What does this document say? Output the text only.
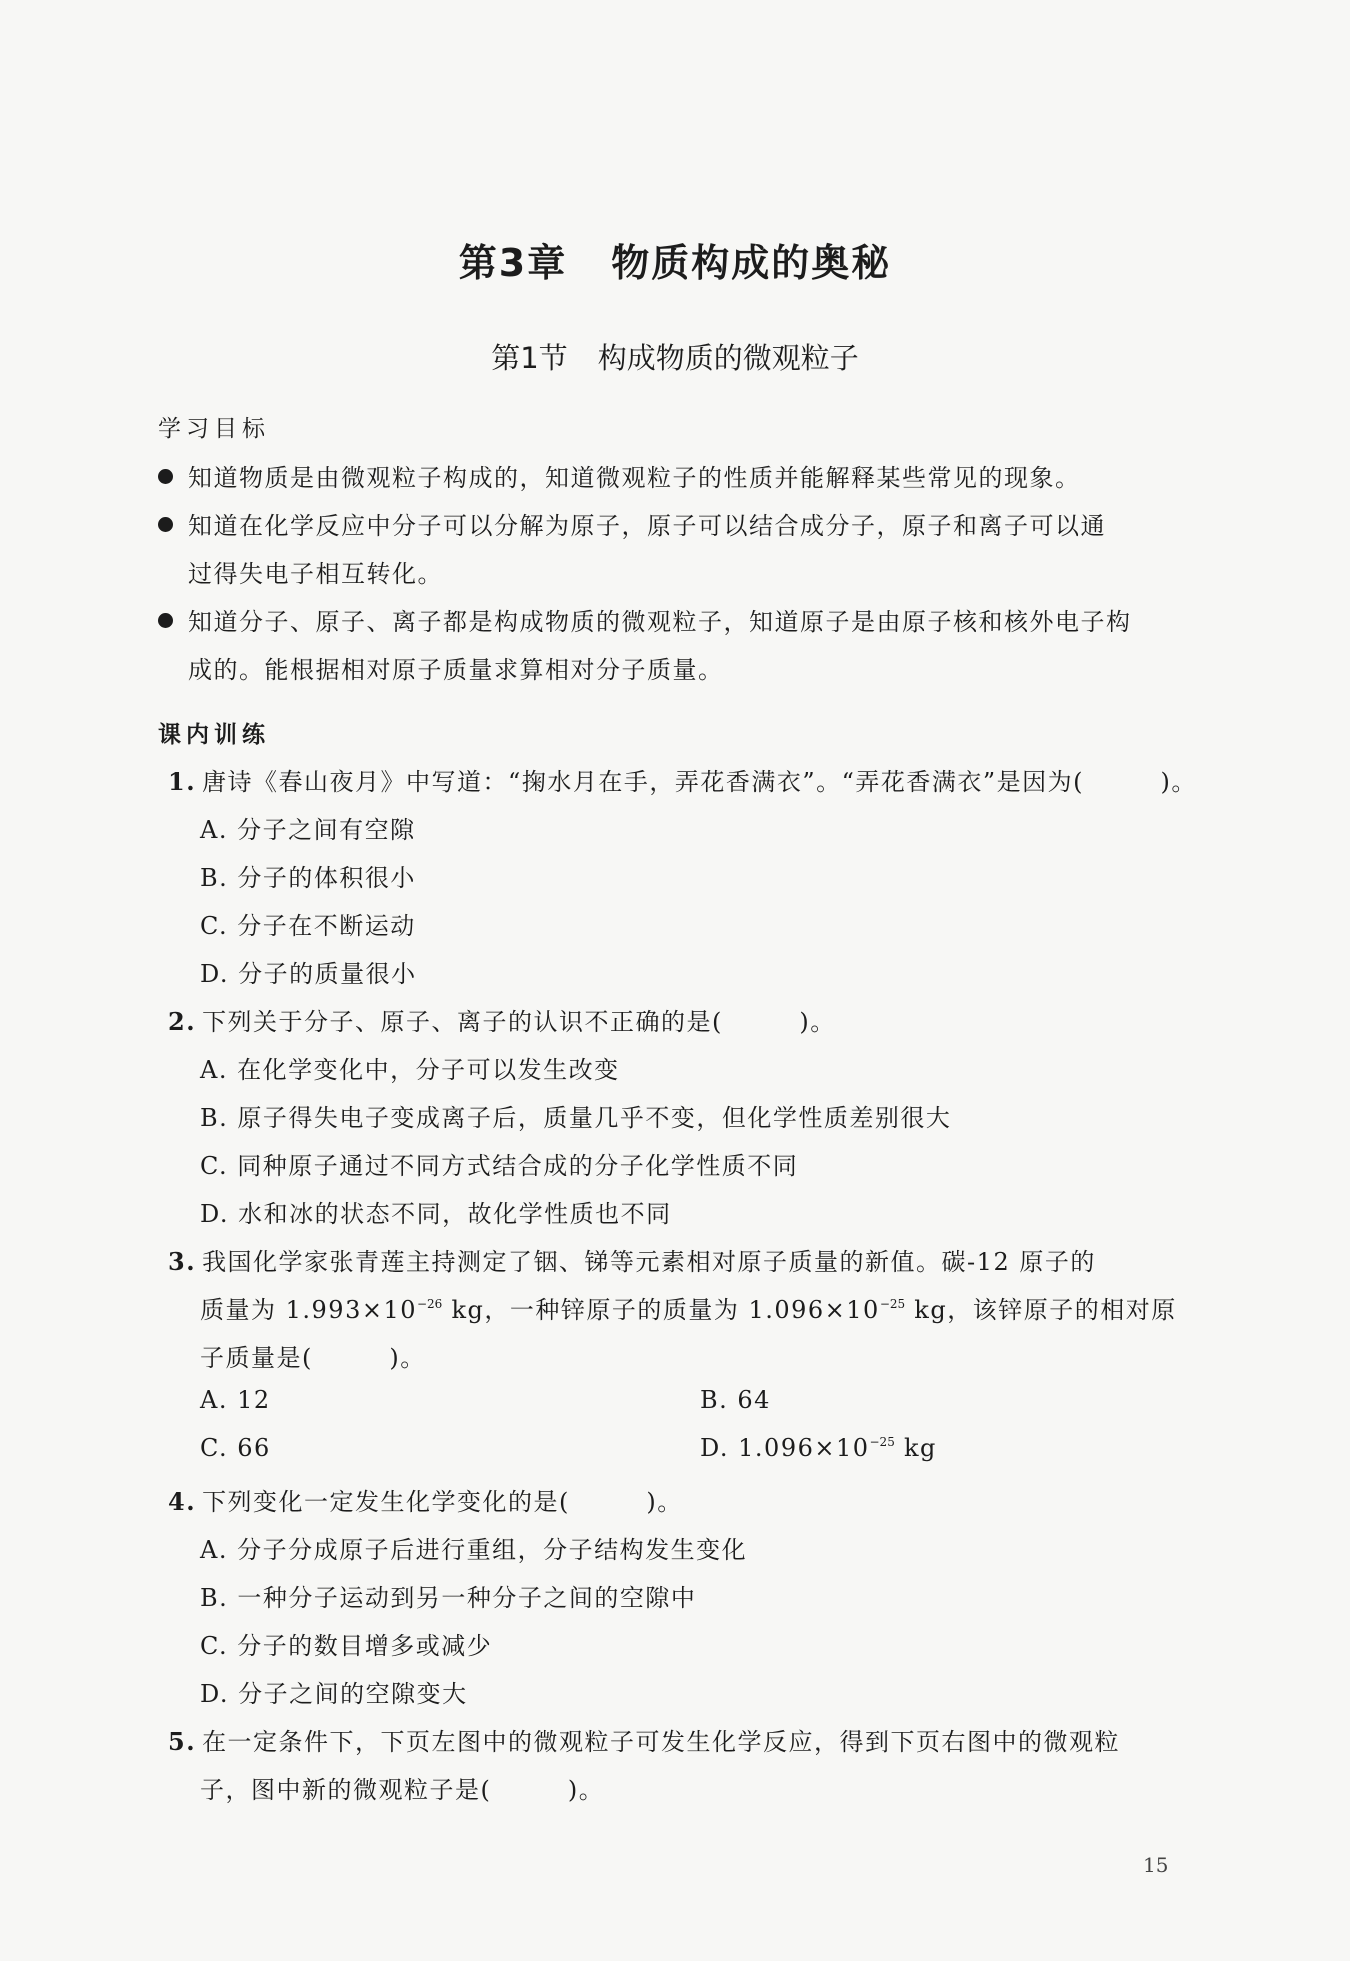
第3章 物质构成的奥秘
第1节 构成物质的微观粒子
学习目标
知道物质是由微观粒子构成的，知道微观粒子的性质并能解释某些常见的现象。
知道在化学反应中分子可以分解为原子，原子可以结合成分子，原子和离子可以通
过得失电子相互转化。
知道分子、原子、离子都是构成物质的微观粒子，知道原子是由原子核和核外电子构
成的。能根据相对原子质量求算相对分子质量。
课内训练
1. 唐诗《春山夜月》中写道：“掬水月在手，弄花香满衣”。“弄花香满衣”是因为(　　　)。
A. 分子之间有空隙
B. 分子的体积很小
C. 分子在不断运动
D. 分子的质量很小
2. 下列关于分子、原子、离子的认识不正确的是(　　　)。
A. 在化学变化中，分子可以发生改变
B. 原子得失电子变成离子后，质量几乎不变，但化学性质差别很大
C. 同种原子通过不同方式结合成的分子化学性质不同
D. 水和冰的状态不同，故化学性质也不同
3. 我国化学家张青莲主持测定了铟、锑等元素相对原子质量的新值。碳-12 原子的
质量为 $1.993\times 10^{-26}$ kg，一种锌原子的质量为 $1.096\times 10^{-25}$ kg，该锌原子的相对原
子质量是(　　　)。
A. 12	B. 64
C. 66	D. $1.096\times 10^{-25}$ kg
4. 下列变化一定发生化学变化的是(　　　)。
A. 分子分成原子后进行重组，分子结构发生变化
B. 一种分子运动到另一种分子之间的空隙中
C. 分子的数目增多或减少
D. 分子之间的空隙变大
5. 在一定条件下，下页左图中的微观粒子可发生化学反应，得到下页右图中的微观粒
子，图中新的微观粒子是(　　　)。
15
